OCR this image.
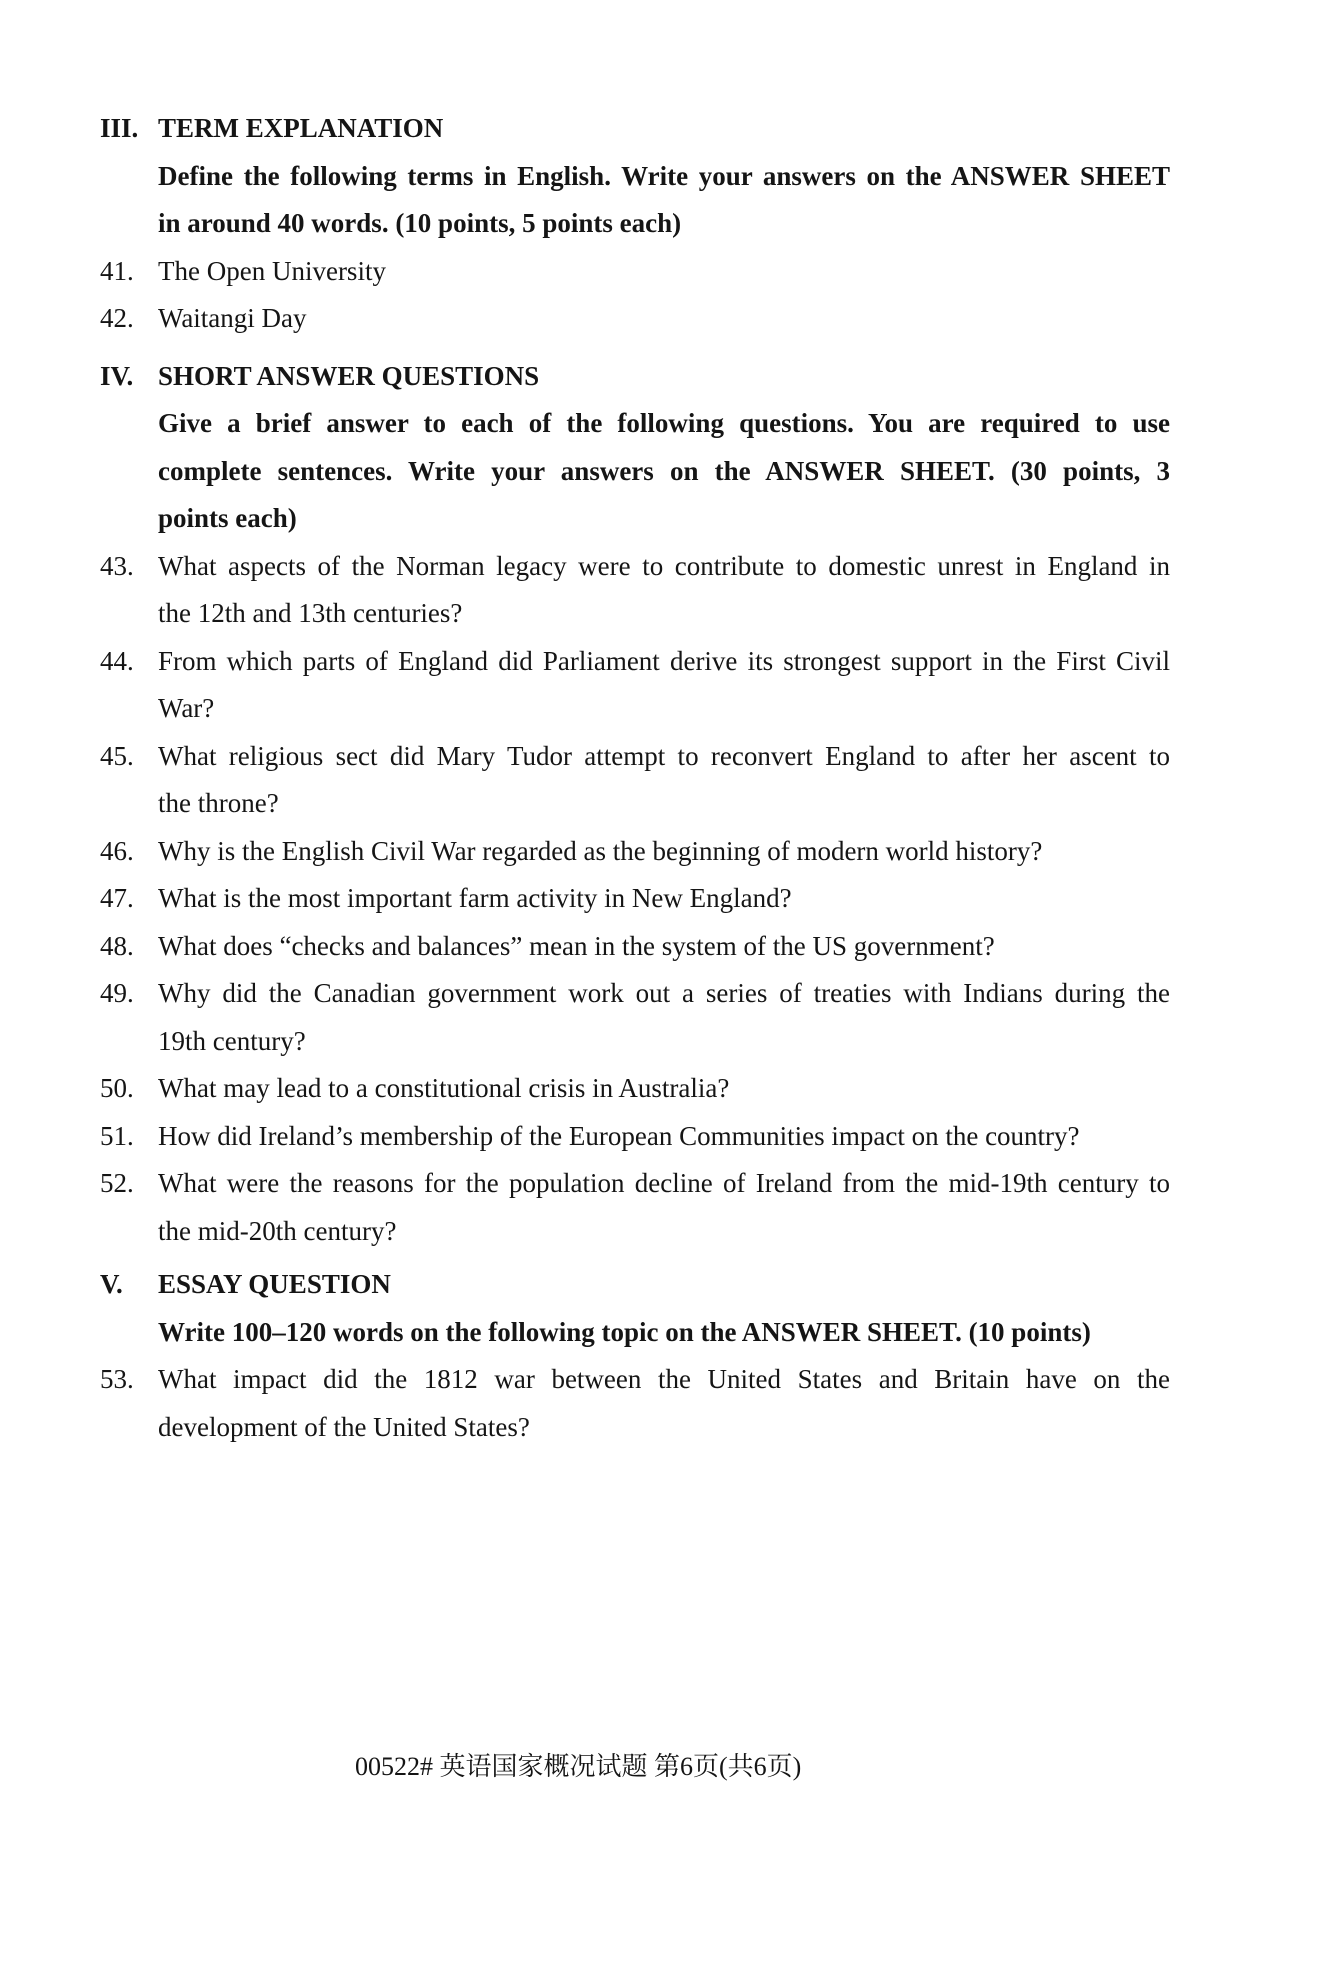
III. TERM EXPLANATION
Define the following terms in English. Write your answers on the ANSWER SHEET
in around 40 words. (10 points, 5 points each)
41. The Open University
42. Waitangi Day
IV. SHORT ANSWER QUESTIONS
Give a brief answer to each of the following questions. You are required to use
complete sentences. Write your answers on the ANSWER SHEET. (30 points, 3
points each)
43. What aspects of the Norman legacy were to contribute to domestic unrest in England in
the 12th and 13th centuries?
44. From which parts of England did Parliament derive its strongest support in the First Civil
War?
45. What religious sect did Mary Tudor attempt to reconvert England to after her ascent to
the throne?
46. Why is the English Civil War regarded as the beginning of modern world history?
47. What is the most important farm activity in New England?
48. What does “checks and balances” mean in the system of the US government?
49. Why did the Canadian government work out a series of treaties with Indians during the
19th century?
50. What may lead to a constitutional crisis in Australia?
51. How did Ireland’s membership of the European Communities impact on the country?
52. What were the reasons for the population decline of Ireland from the mid-19th century to
the mid-20th century?
V.	ESSAY QUESTION
Write 100–120 words on the following topic on the ANSWER SHEET. (10 points)
53. What impact did the 1812 war between the United States and Britain have on the
development of the United States?
00522# 英语国家概况试题 第6页(共6页)
